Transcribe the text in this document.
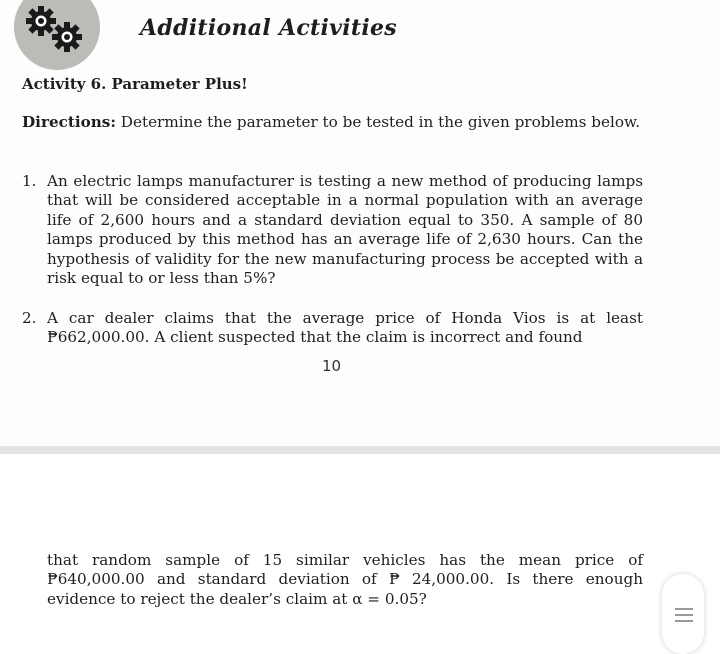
Additional Activities
Activity 6. Parameter Plus!
Directions: Determine the parameter to be tested in the given problems below.
1. An electric lamps manufacturer is testing a new method of producing lamps that will be considered acceptable in a normal population with an average life of 2,600 hours and a standard deviation equal to 350. A sample of 80 lamps produced by this method has an average life of 2,630 hours. Can the hypothesis of validity for the new manufacturing process be accepted with a risk equal to or less than 5%?
2. A car dealer claims that the average price of Honda Vios is at least ₱662,000.00. A client suspected that the claim is incorrect and found
10
that random sample of 15 similar vehicles has the mean price of ₱640,000.00 and standard deviation of ₱ 24,000.00. Is there enough evidence to reject the dealer’s claim at α = 0.05?
